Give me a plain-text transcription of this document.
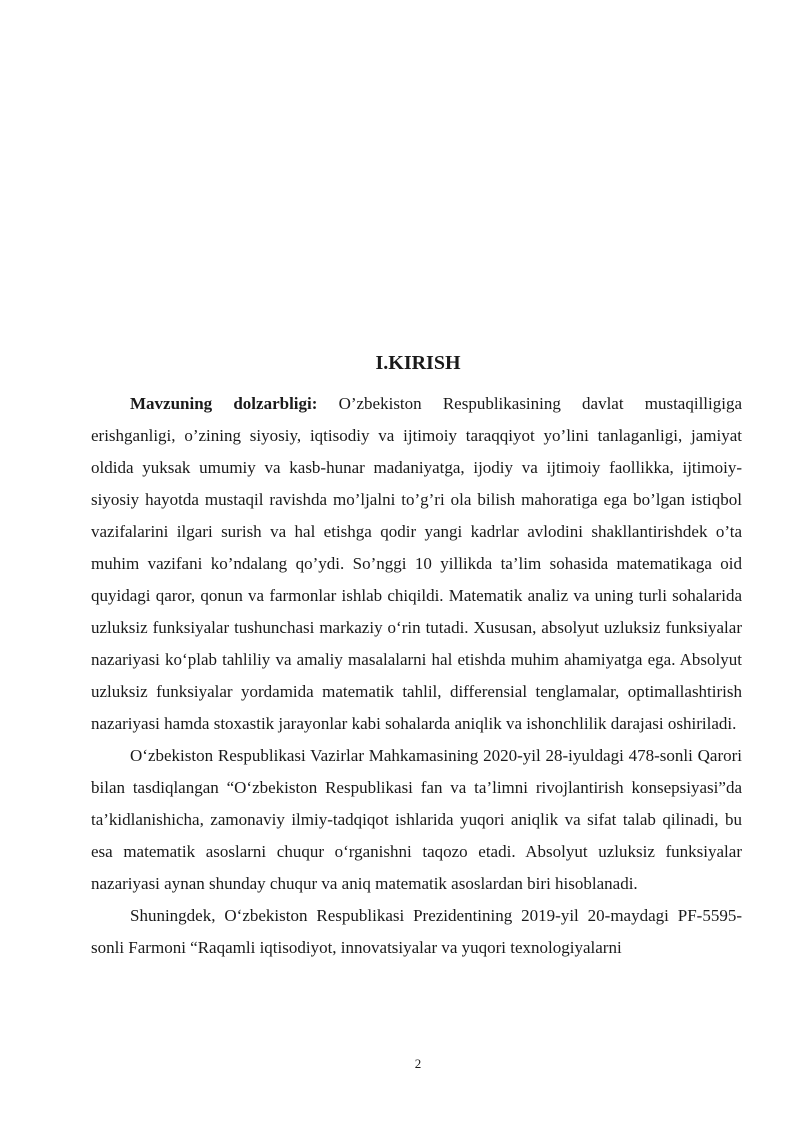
I.KIRISH

Mavzuning dolzarbligi: O’zbekiston Respublikasining davlat mustaqilligiga erishganligi, o’zining siyosiy, iqtisodiy va ijtimoiy taraqqiyot yo’lini tanlaganligi, jamiyat oldida yuksak umumiy va kasb-hunar madaniyatga, ijodiy va ijtimoiy faollikka, ijtimoiy-siyosiy hayotda mustaqil ravishda mo’ljalni to’g’ri ola bilish mahoratiga ega bo’lgan istiqbol vazifalarini ilgari surish va hal etishga qodir yangi kadrlar avlodini shakllantirishdek o’ta muhim vazifani ko’ndalang qo’ydi. So’nggi 10 yillikda ta’lim sohasida matematikaga oid quyidagi qaror, qonun va farmonlar ishlab chiqildi. Matematik analiz va uning turli sohalarida uzluksiz funksiyalar tushunchasi markaziy o‘rin tutadi. Xususan, absolyut uzluksiz funksiyalar nazariyasi ko‘plab tahliliy va amaliy masalalarni hal etishda muhim ahamiyatga ega. Absolyut uzluksiz funksiyalar yordamida matematik tahlil, differensial tenglamalar, optimallashtirish nazariyasi hamda stoxastik jarayonlar kabi sohalarda aniqlik va ishonchlilik darajasi oshiriladi.

O‘zbekiston Respublikasi Vazirlar Mahkamasining 2020-yil 28-iyuldagi 478-sonli Qarori bilan tasdiqlangan “O‘zbekiston Respublikasi fan va ta’limni rivojlantirish konsepsiyasi”da ta’kidlanishicha, zamonaviy ilmiy-tadqiqot ishlarida yuqori aniqlik va sifat talab qilinadi, bu esa matematik asoslarni chuqur o‘rganishni taqozo etadi. Absolyut uzluksiz funksiyalar nazariyasi aynan shunday chuqur va aniq matematik asoslardan biri hisoblanadi.

Shuningdek, O‘zbekiston Respublikasi Prezidentining 2019-yil 20-maydagi PF-5595-sonli Farmoni “Raqamli iqtisodiyot, innovatsiyalar va yuqori texnologiyalarni

2
